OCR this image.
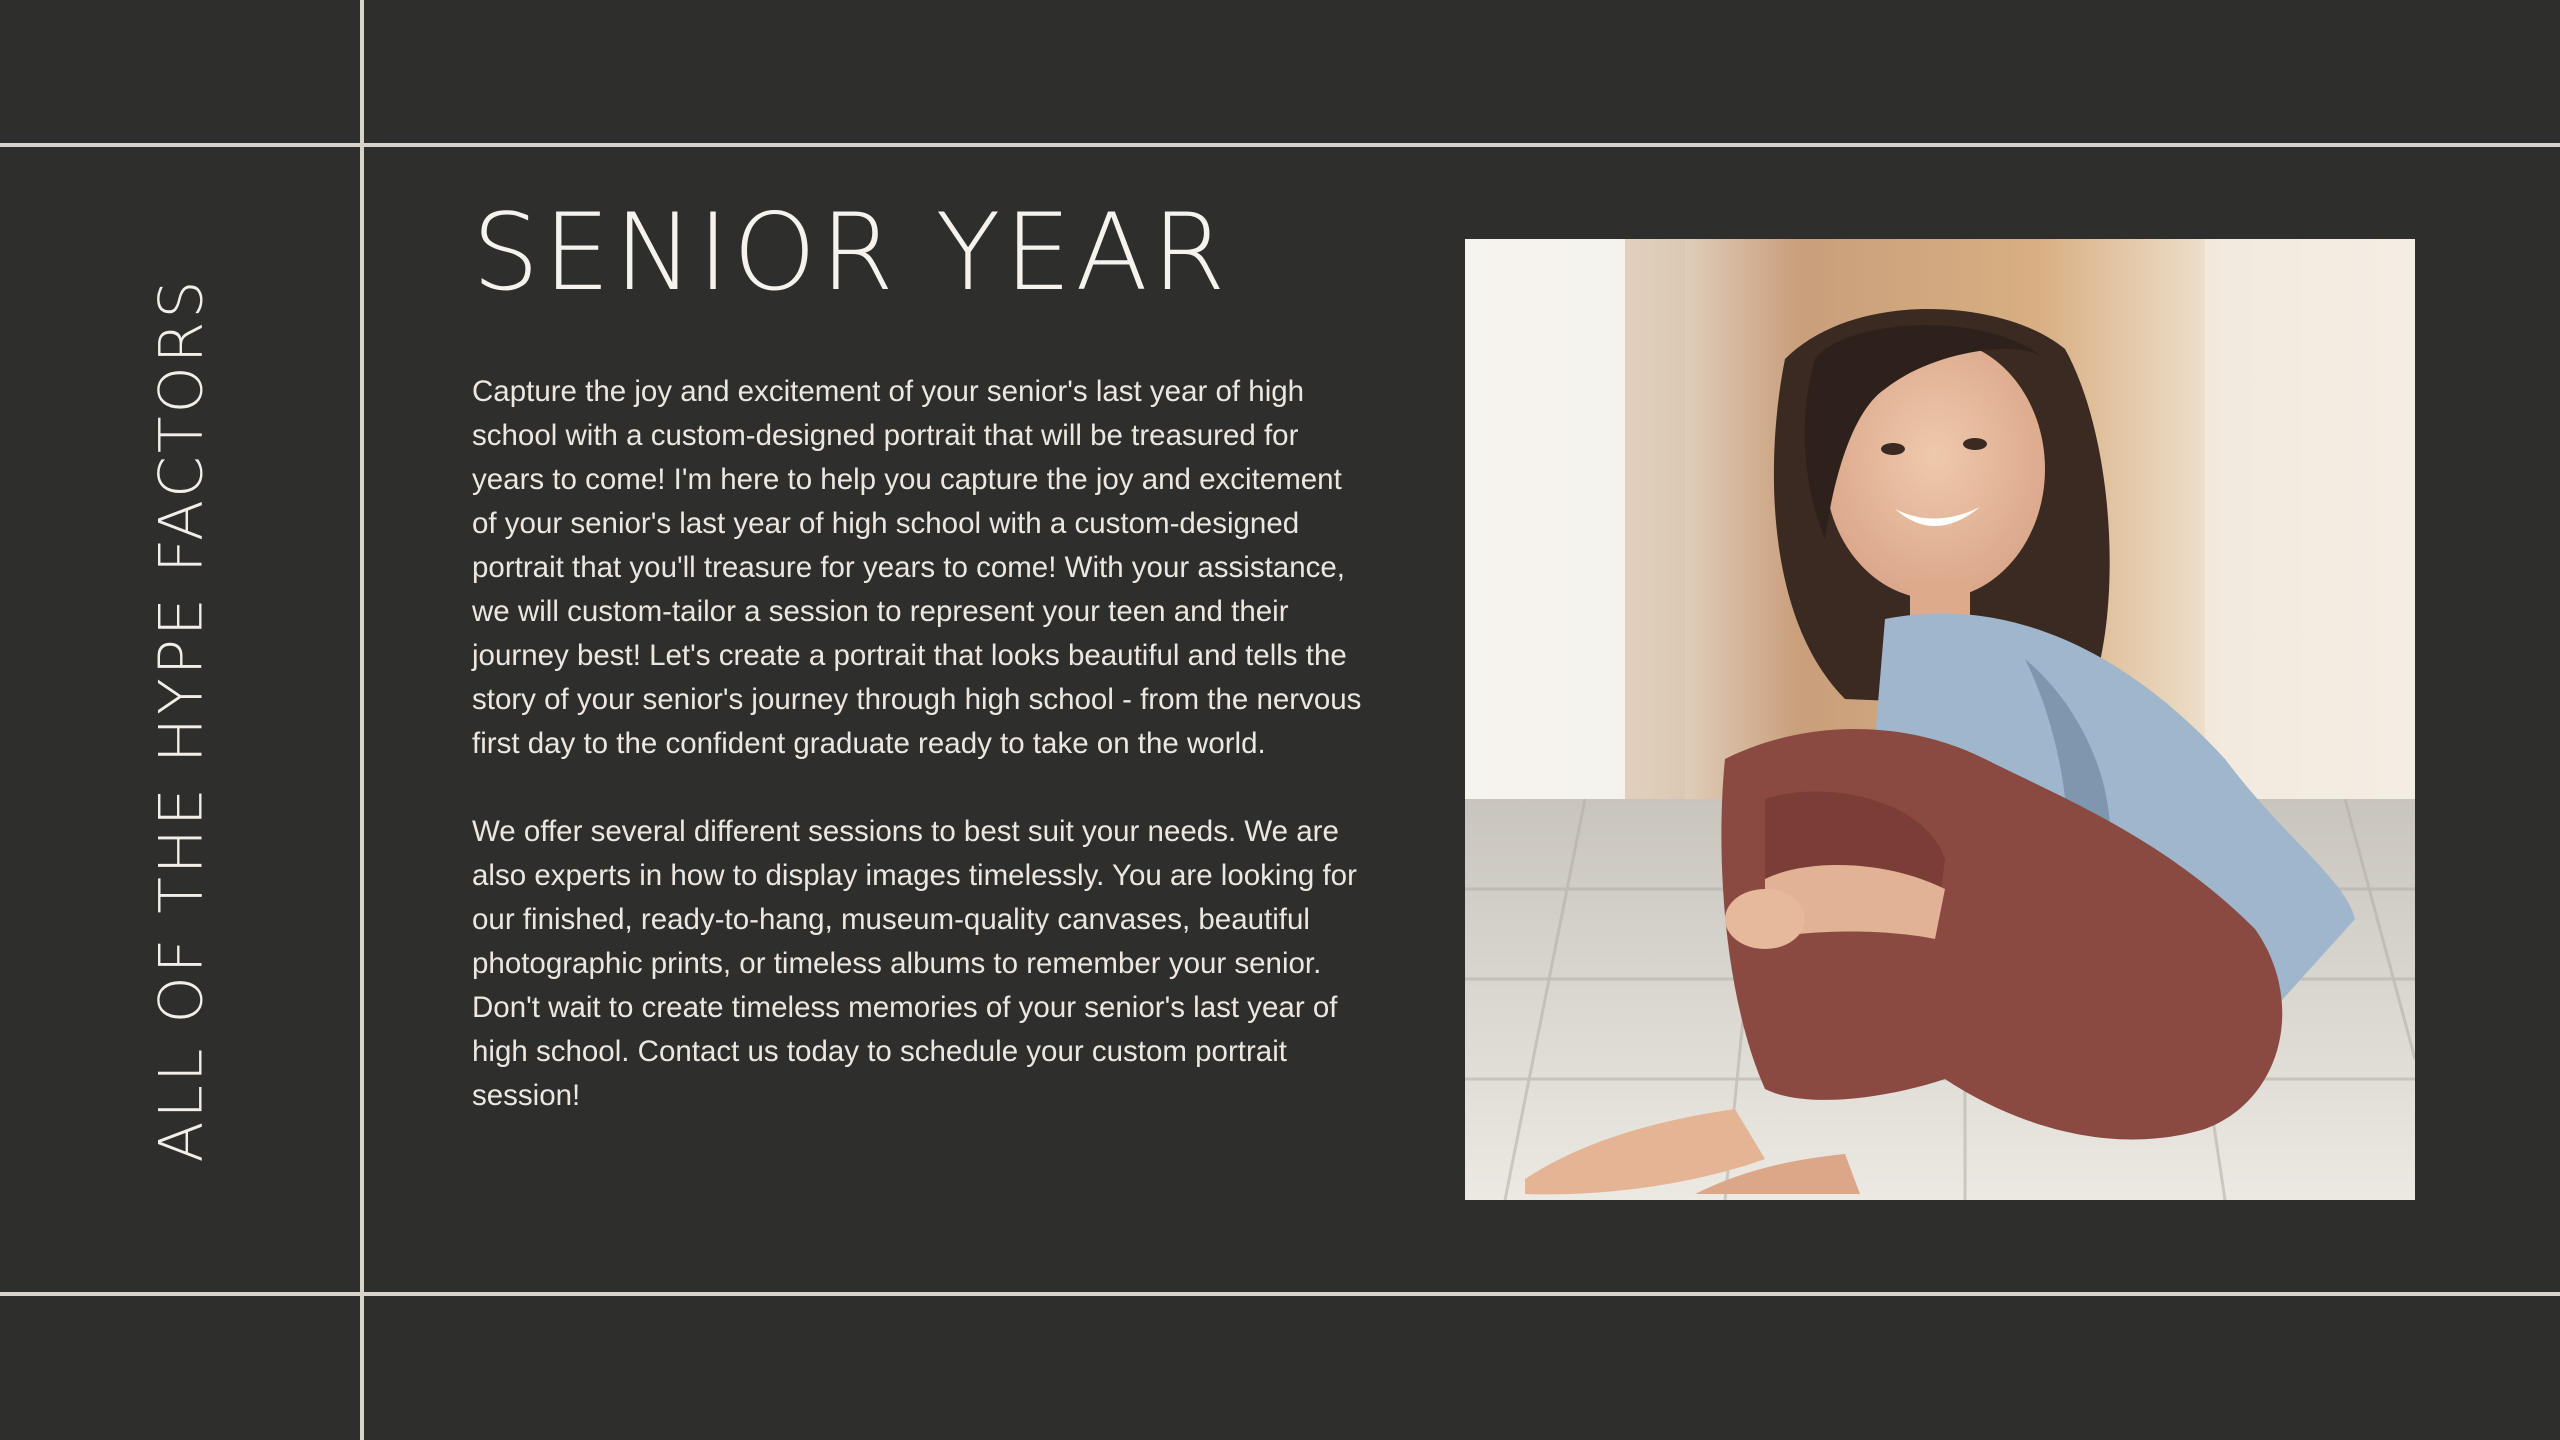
ALL OF THE HYPE FACTORS
SENIOR YEAR

Capture the joy and excitement of your senior's last year of high school with a custom-designed portrait that will be treasured for years to come! I'm here to help you capture the joy and excitement of your senior's last year of high school with a custom-designed portrait that you'll treasure for years to come! With your assistance, we will custom-tailor a session to represent your teen and their journey best! Let's create a portrait that looks beautiful and tells the story of your senior's journey through high school - from the nervous first day to the confident graduate ready to take on the world.

We offer several different sessions to best suit your needs. We are also experts in how to display images timelessly. You are looking for our finished, ready-to-hang, museum-quality canvases, beautiful photographic prints, or timeless albums to remember your senior. Don't wait to create timeless memories of your senior's last year of high school. Contact us today to schedule your custom portrait session!
